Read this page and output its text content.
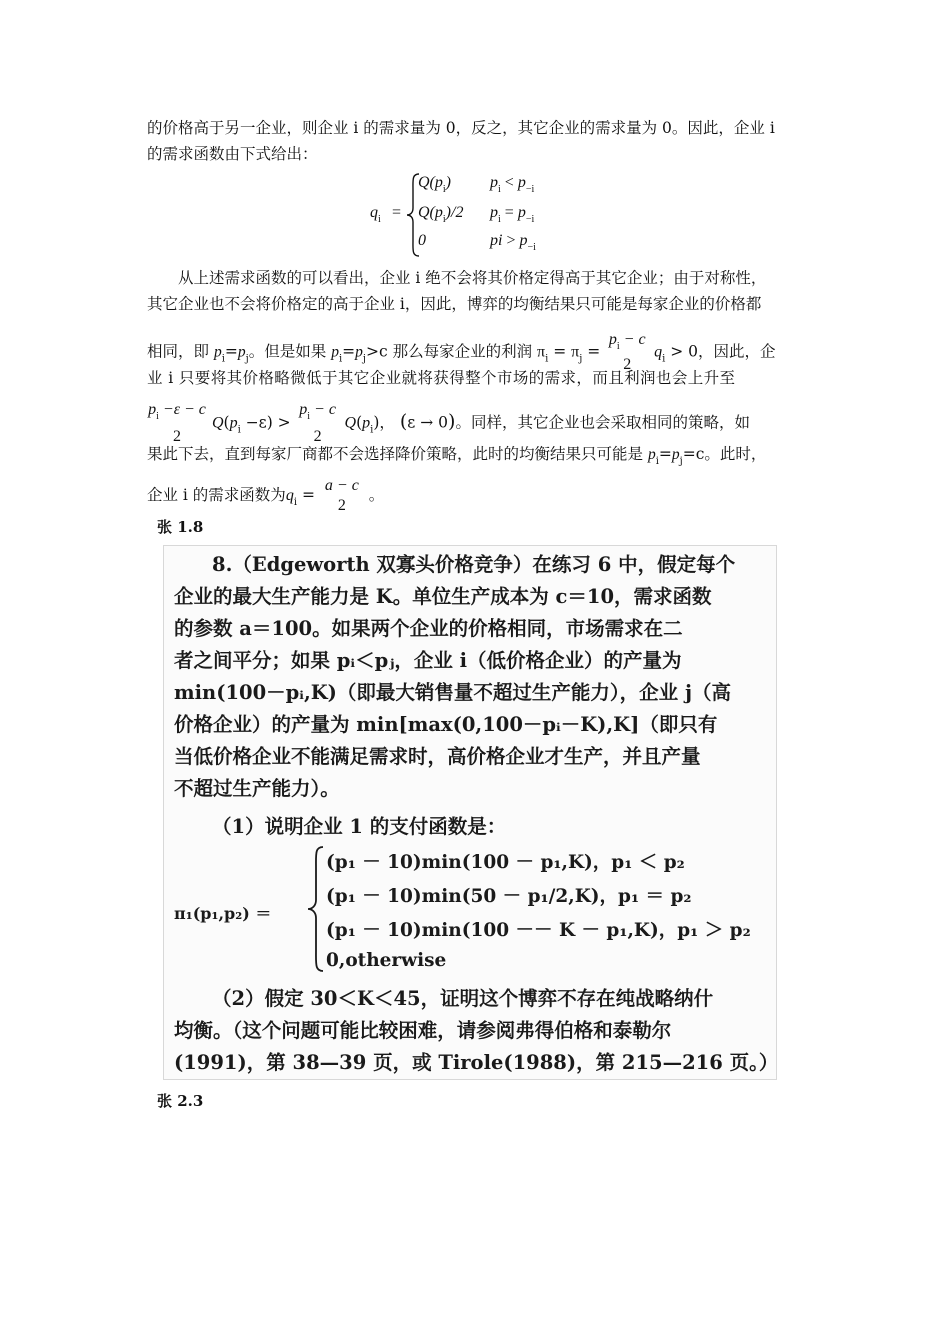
的价格高于另一企业，则企业 i 的需求量为 0，反之，其它企业的需求量为 0。因此，企业 i
的需求函数由下式给出：
$q_i$ =
$Q(p_i) p_i < p_{-i}$
$Q(p_i)/2$ $p_i = p_{-i}$
0	pi > $p_{-i}$
从上述需求函数的可以看出，企业 i 绝不会将其价格定得高于其它企业；由于对称性，
其它企业也不会将价格定的高于企业 i，因此，博弈的均衡结果只可能是每家企业的价格都
相同，即 $p_i=p_j$。但是如果 $p_i=p_j>c$ 那么每家企业的利润 $\pi_i = \pi_j$ =
$p_i - c$
2
$q_i > 0$，因此，企
业 i 只要将其价格略微低于其它企业就将获得整个市场的需求，而且利润也会上升至
$p_i -\varepsilon - c$
2
$Q(p_i -\varepsilon)$ >
$p_i - c$
2
$Q(p_i)$， (ε → 0)。同样，其它企业也会采取相同的策略，如
果此下去，直到每家厂商都不会选择降价策略，此时的均衡结果只可能是 $p_i=p_j=c$。此时，
企业 i 的需求函数为$q_i$ =
a − c
2
。
张 1.8
8.（Edgeworth 双寡头价格竞争）在练习 6 中，假定每个
企业的最大生产能力是 K。单位生产成本为 c＝10，需求函数
的参数 a＝100。如果两个企业的价格相同，市场需求在二
者之间平分；如果 pᵢ＜pⱼ，企业 i（低价格企业）的产量为
min(100－pᵢ,K)（即最大销售量不超过生产能力），企业 j（高
价格企业）的产量为 min[max(0,100－pᵢ－K),K]（即只有
当低价格企业不能满足需求时，高价格企业才生产，并且产量
不超过生产能力）。
（1）说明企业 1 的支付函数是：
π₁(p₁,p₂) ＝
(p₁ － 10)min(100 － p₁,K)，p₁ ＜ p₂
(p₁ － 10)min(50 － p₁/2,K)，p₁ ＝ p₂
(p₁ － 10)min(100 －－ K － p₁,K)，p₁ ＞ p₂
0,otherwise
（2）假定 30＜K＜45，证明这个博弈不存在纯战略纳什
均衡。（这个问题可能比较困难，请参阅弗得伯格和泰勒尔
(1991)，第 38—39 页，或 Tirole(1988)，第 215—216 页。）
张 2.3
